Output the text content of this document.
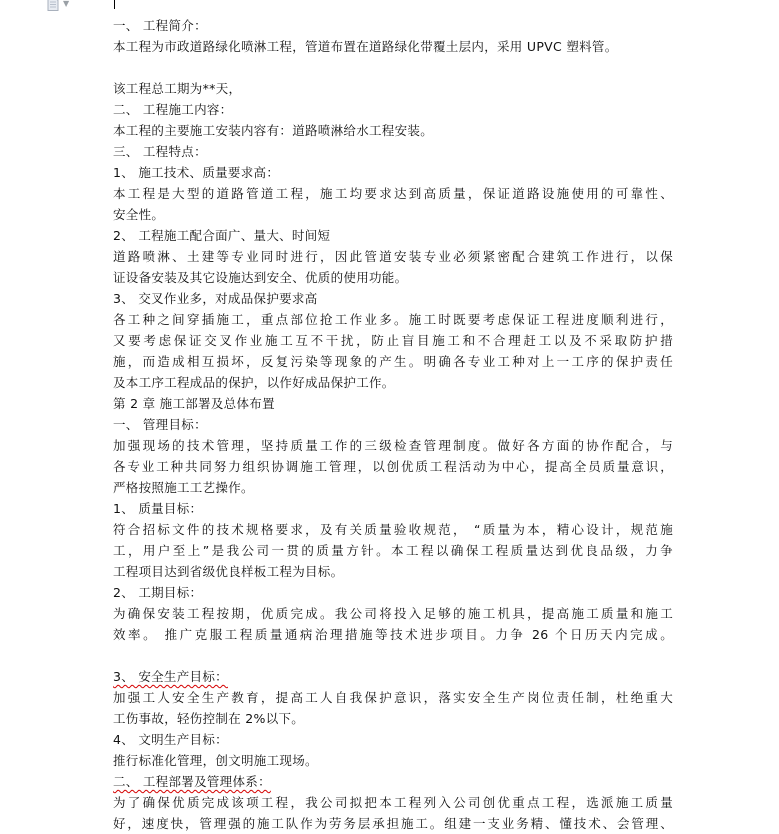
▼
一、 工程简介：
本工程为市政道路绿化喷淋工程，管道布置在道路绿化带覆土层内，采用 UPVC 塑料管。
该工程总工期为**天，
二、 工程施工内容：
本工程的主要施工安装内容有：道路喷淋给水工程安装。
三、 工程特点：
1、 施工技术、质量要求高：
本工程是大型的道路管道工程，施工均要求达到高质量，保证道路设施使用的可靠性、
安全性。
2、 工程施工配合面广、量大、时间短
道路喷淋、土建等专业同时进行，因此管道安装专业必须紧密配合建筑工作进行，以保
证设备安装及其它设施达到安全、优质的使用功能。
3、 交叉作业多，对成品保护要求高
各工种之间穿插施工，重点部位抢工作业多。施工时既要考虑保证工程进度顺利进行，
又要考虑保证交叉作业施工互不干扰，防止盲目施工和不合理赶工以及不采取防护措
施，而造成相互损坏，反复污染等现象的产生。明确各专业工种对上一工序的保护责任
及本工序工程成品的保护，以作好成品保护工作。
第 2 章 施工部署及总体布置
一、 管理目标：
加强现场的技术管理，坚持质量工作的三级检查管理制度。做好各方面的协作配合，与
各专业工种共同努力组织协调施工管理，以创优质工程活动为中心，提高全员质量意识，
严格按照施工工艺操作。
1、 质量目标：
符合招标文件的技术规格要求，及有关质量验收规范， “质量为本，精心设计，规范施
工，用户至上”是我公司一贯的质量方针。本工程以确保工程质量达到优良品级，力争
工程项目达到省级优良样板工程为目标。
2、 工期目标：
为确保安装工程按期，优质完成。我公司将投入足够的施工机具，提高施工质量和施工
效率。 推广克服工程质量通病治理措施等技术进步项目。力争 26 个日历天内完成。
3、 安全生产目标：
加强工人安全生产教育，提高工人自我保护意识，落实安全生产岗位责任制，杜绝重大
工伤事故，轻伤控制在 2%以下。
4、 文明生产目标：
推行标准化管理，创文明施工现场。
二、 工程部署及管理体系：
为了确保优质完成该项工程，我公司拟把本工程列入公司创优重点工程，选派施工质量
好，速度快，管理强的施工队作为劳务层承担施工。组建一支业务精、懂技术、会管理、
